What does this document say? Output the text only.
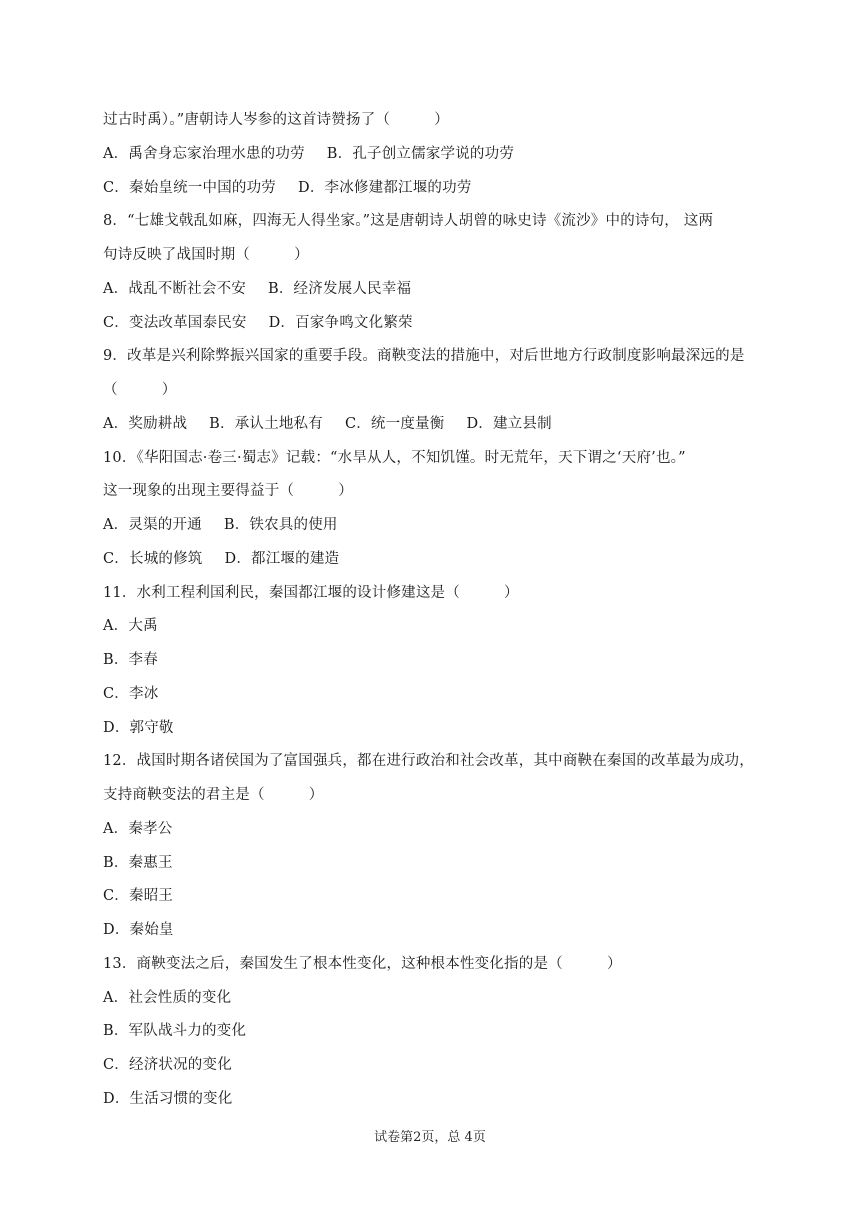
过古时禹）。”唐朝诗人岑参的这首诗赞扬了（　　　）
A．禹舍身忘家治理水患的功劳 B．孔子创立儒家学说的功劳
C．秦始皇统一中国的功劳 D．李冰修建都江堰的功劳
8．“七雄戈戟乱如麻，四海无人得坐家。”这是唐朝诗人胡曾的咏史诗《流沙》中的诗句， 这两
句诗反映了战国时期（　　　）
A．战乱不断社会不安 B．经济发展人民幸福
C．变法改革国泰民安 D．百家争鸣文化繁荣
9．改革是兴利除弊振兴国家的重要手段。商鞅变法的措施中，对后世地方行政制度影响最深远的是
（　　　）
A．奖励耕战 B．承认土地私有 C．统一度量衡 D．建立县制
10．《华阳国志·卷三·蜀志》记载：“水旱从人，不知饥馑。时无荒年，天下谓之‘天府’也。”
这一现象的出现主要得益于（　　　）
A．灵渠的开通 B．铁农具的使用
C．长城的修筑 D．都江堰的建造
11．水利工程利国利民，秦国都江堰的设计修建这是（　　　）
A．大禹
B．李春
C．李冰
D．郭守敬
12．战国时期各诸侯国为了富国强兵，都在进行政治和社会改革，其中商鞅在秦国的改革最为成功，
支持商鞅变法的君主是（　　　）
A．秦孝公
B．秦惠王
C．秦昭王
D．秦始皇
13．商鞅变法之后，秦国发生了根本性变化，这种根本性变化指的是（　　　）
A．社会性质的变化
B．军队战斗力的变化
C．经济状况的变化
D．生活习惯的变化
试卷第2页，总 4页
